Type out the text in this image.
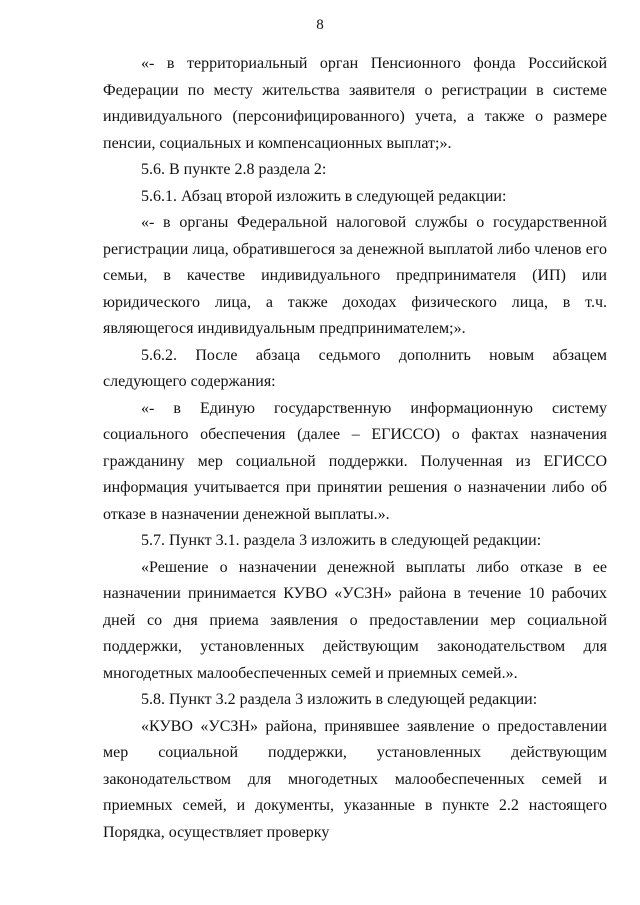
8

«- в территориальный орган Пенсионного фонда Российской Федерации по месту жительства заявителя о регистрации в системе индивидуального (персонифицированного) учета, а также о размере пенсии, социальных и компенсационных выплат;».

5.6. В пункте 2.8 раздела 2:

5.6.1. Абзац второй изложить в следующей редакции:

«- в органы Федеральной налоговой службы о государственной регистрации лица, обратившегося за денежной выплатой либо членов его семьи, в качестве индивидуального предпринимателя (ИП) или юридического лица, а также доходах физического лица, в т.ч. являющегося индивидуальным предпринимателем;».

5.6.2. После абзаца седьмого дополнить новым абзацем следующего содержания:

«- в Единую государственную информационную систему социального обеспечения (далее – ЕГИССО) о фактах назначения гражданину мер социальной поддержки. Полученная из ЕГИССО информация учитывается при принятии решения о назначении либо об отказе в назначении денежной выплаты.».

5.7. Пункт 3.1. раздела 3 изложить в следующей редакции:

«Решение о назначении денежной выплаты либо отказе в ее назначении принимается КУВО «УСЗН» района в течение 10 рабочих дней со дня приема заявления о предоставлении мер социальной поддержки, установленных действующим законодательством для многодетных малообеспеченных семей и приемных семей.».

5.8. Пункт 3.2 раздела 3 изложить в следующей редакции:

«КУВО «УСЗН» района, принявшее заявление о предоставлении мер социальной поддержки, установленных действующим законодательством для многодетных малообеспеченных семей и приемных семей, и документы, указанные в пункте 2.2 настоящего Порядка, осуществляет проверку
